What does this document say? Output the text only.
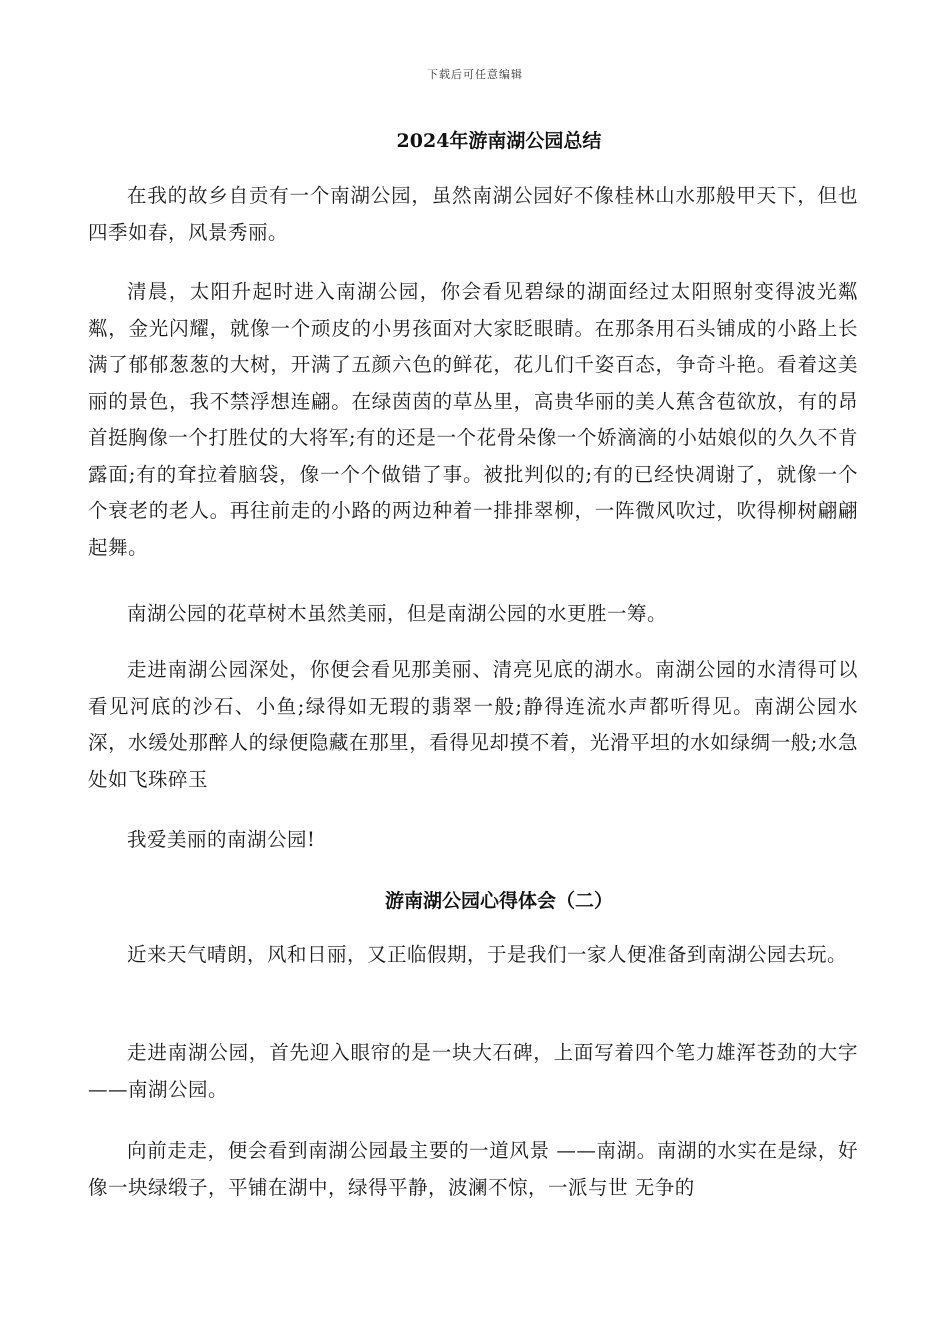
下载后可任意编辑
2024年游南湖公园总结

在我的故乡自贡有一个南湖公园，虽然南湖公园好不像桂林山水那般甲天下，但也四季如春，风景秀丽。

清晨，太阳升起时进入南湖公园，你会看见碧绿的湖面经过太阳照射变得波光粼粼，金光闪耀，就像一个顽皮的小男孩面对大家眨眼睛。在那条用石头铺成的小路上长满了郁郁葱葱的大树，开满了五颜六色的鲜花，花儿们千姿百态，争奇斗艳。看着这美丽的景色，我不禁浮想连翩。在绿茵茵的草丛里，高贵华丽的美人蕉含苞欲放，有的昂首挺胸像一个打胜仗的大将军;有的还是一个花骨朵像一个娇滴滴的小姑娘似的久久不肯露面;有的耷拉着脑袋，像一个个做错了事。被批判似的;有的已经快凋谢了，就像一个个衰老的老人。再往前走的小路的两边种着一排排翠柳，一阵微风吹过，吹得柳树翩翩起舞。

南湖公园的花草树木虽然美丽，但是南湖公园的水更胜一筹。

走进南湖公园深处，你便会看见那美丽、清亮见底的湖水。南湖公园的水清得可以看见河底的沙石、小鱼;绿得如无瑕的翡翠一般;静得连流水声都听得见。南湖公园水深，水缓处那醉人的绿便隐藏在那里，看得见却摸不着，光滑平坦的水如绿绸一般;水急处如飞珠碎玉

我爱美丽的南湖公园!

游南湖公园心得体会（二）

近来天气晴朗，风和日丽，又正临假期，于是我们一家人便准备到南湖公园去玩。

走进南湖公园，首先迎入眼帘的是一块大石碑，上面写着四个笔力雄浑苍劲的大字 ——南湖公园。

向前走走，便会看到南湖公园最主要的一道风景 ——南湖。南湖的水实在是绿，好像一块绿缎子，平铺在湖中，绿得平静，波澜不惊，一派与世 无争的
